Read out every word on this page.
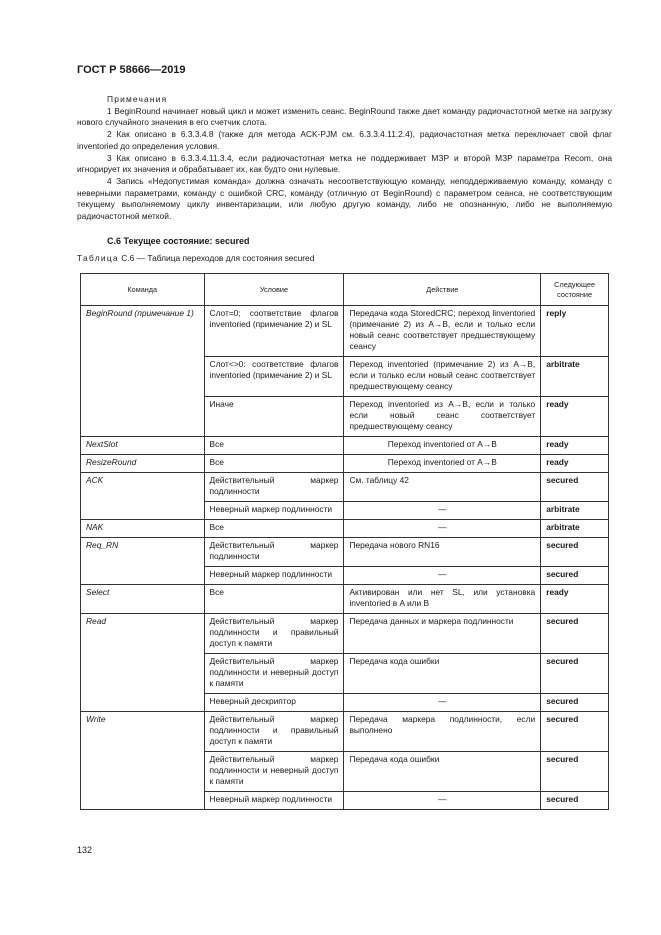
ГОСТ Р 58666—2019

Примечания

1 BeginRound начинает новый цикл и может изменить сеанс. BeginRound также дает команду радиочастотной метке на загрузку нового случайного значения в его счетчик слота.

2 Как описано в 6.3.3.4.8 (также для метода ACK-PJM см. 6.3.3.4.11.2.4), радиочастотная метка переключает свой флаг inventoried до определения условия.

3 Как описано в 6.3.3.4.11.3.4, если радиочастотная метка не поддерживает МЗР и второй МЗР параметра Recom, она игнорирует их значения и обрабатывает их, как будто они нулевые.

4 Запись «Недопустимая команда» должна означать несоответствующую команду, неподдерживаемую команду, команду с неверными параметрами, команду с ошибкой CRC, команду (отличную от BeginRound) с параметром сеанса, не соответствующим текущему выполняемому циклу инвентаризации, или любую другую команду, либо не опознанную, либо не выполняемую радиочастотной меткой.

С.6 Текущее состояние: secured
Таблица С.6 — Таблица переходов для состояния secured
Команда	Условие	Действие	Следующее состояние
BeginRound (примечание 1)	Слот=0; соответствие флагов inventoried (примечание 2) и SL	Передача кода StoredCRC; переход linventoried (примечание 2) из A→B, если и только если новый сеанс соответствует предшествующему сеансу	reply
	Слот<>0: соответствие флагов inventoried (примечание 2) и SL	Переход inventoried (примечание 2) из A→B, если и только если новый сеанс соответствует предшествующему сеансу	arbitrate
	Иначе	Переход inventoried из A→B, если и только если новый сеанс соответствует предшествующему сеансу	ready
NextSlot	Все	Переход inventoried от A→B	ready
ResizeRound	Все	Переход inventoried от A→B	ready
ACK	Действительный маркер подлинности	См. таблицу 42	secured
	Неверный маркер подлинности	—	arbitrate
NAK	Все	—	arbitrate
Req_RN	Действительный маркер подлинности	Передача нового RN16	secured
	Неверный маркер подлинности	—	secured
Select	Все	Активирован или нет SL, или установка inventoried в A или B	ready
Read	Действительный маркер подлинности и правильный доступ к памяти	Передача данных и маркера подлинности	secured
	Действительный маркер подлинности и неверный доступ к памяти	Передача кода ошибки	secured
	Неверный дескриптор	—	secured
Write	Действительный маркер подлинности и правильный доступ к памяти	Передача маркера подлинности, если выполнено	secured
	Действительный маркер подлинности и неверный доступ к памяти	Передача кода ошибки	secured
	Неверный маркер подлинности	—	secured
132
